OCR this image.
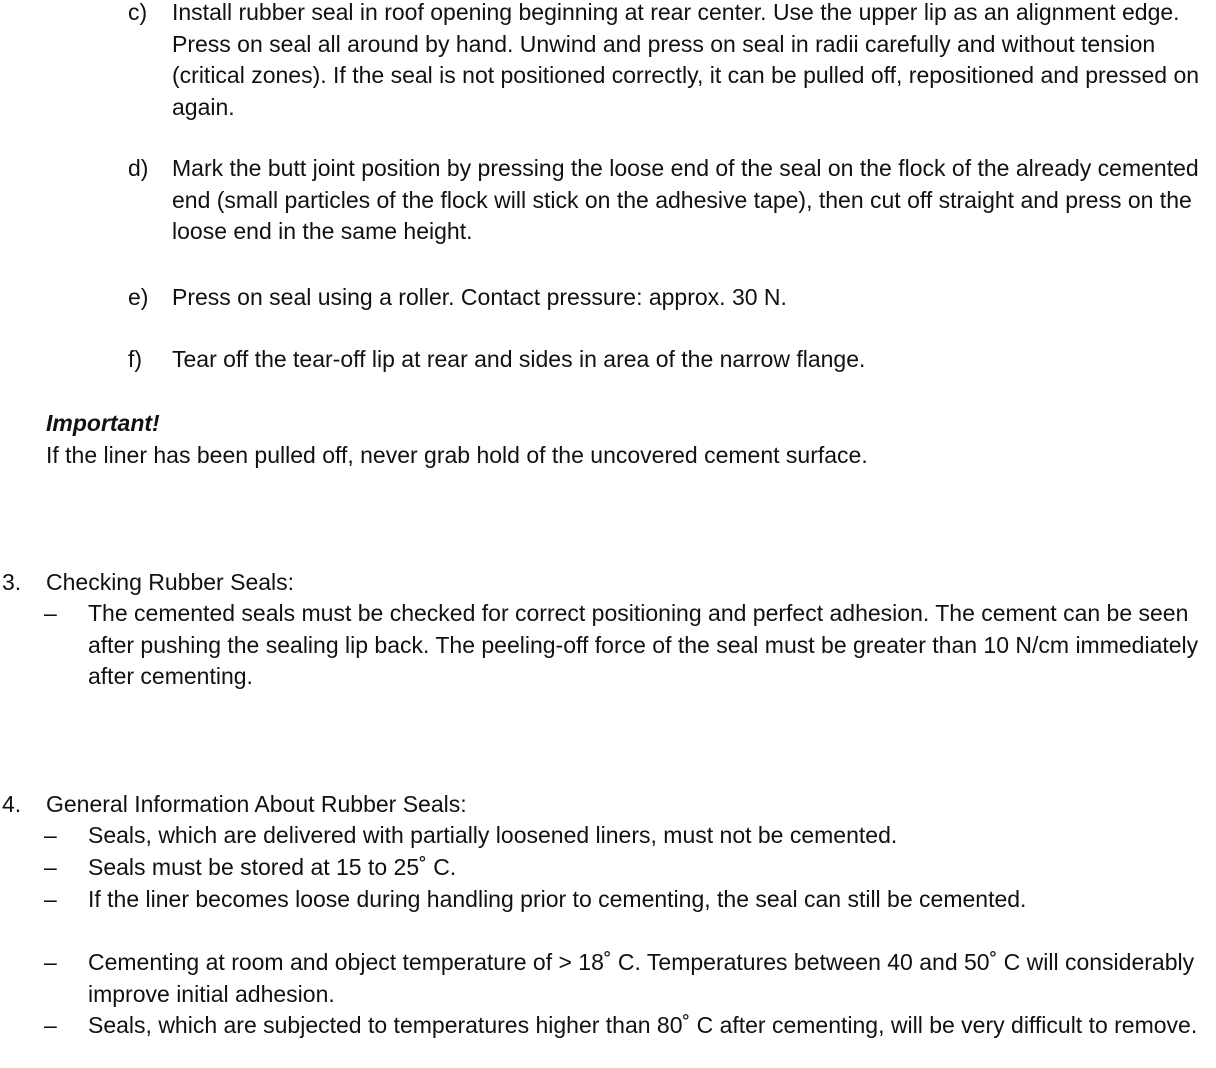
c)	Install rubber seal in roof opening beginning at rear center. Use the upper lip as an alignment edge. Press on seal all around by hand. Unwind and press on seal in radii carefully and without tension (critical zones). If the seal is not positioned correctly, it can be pulled off, repositioned and pressed on again.
d)	Mark the butt joint position by pressing the loose end of the seal on the flock of the already cemented end (small particles of the flock will stick on the adhesive tape), then cut off straight and press on the loose end in the same height.
e)	Press on seal using a roller. Contact pressure: approx. 30 N.
f)	Tear off the tear-off lip at rear and sides in area of the narrow flange.
Important!
If the liner has been pulled off, never grab hold of the uncovered cement surface.
3.	Checking Rubber Seals:
–	The cemented seals must be checked for correct positioning and perfect adhesion. The cement can be seen after pushing the sealing lip back. The peeling-off force of the seal must be greater than 10 N/cm immediately after cementing.
4.	General Information About Rubber Seals:
–	Seals, which are delivered with partially loosened liners, must not be cemented.
–	Seals must be stored at 15 to 25˚ C.
–	If the liner becomes loose during handling prior to cementing, the seal can still be cemented.
–	Cementing at room and object temperature of > 18˚ C. Temperatures between 40 and 50˚ C will considerably improve initial adhesion.
–	Seals, which are subjected to temperatures higher than 80˚ C after cementing, will be very difficult to remove.
